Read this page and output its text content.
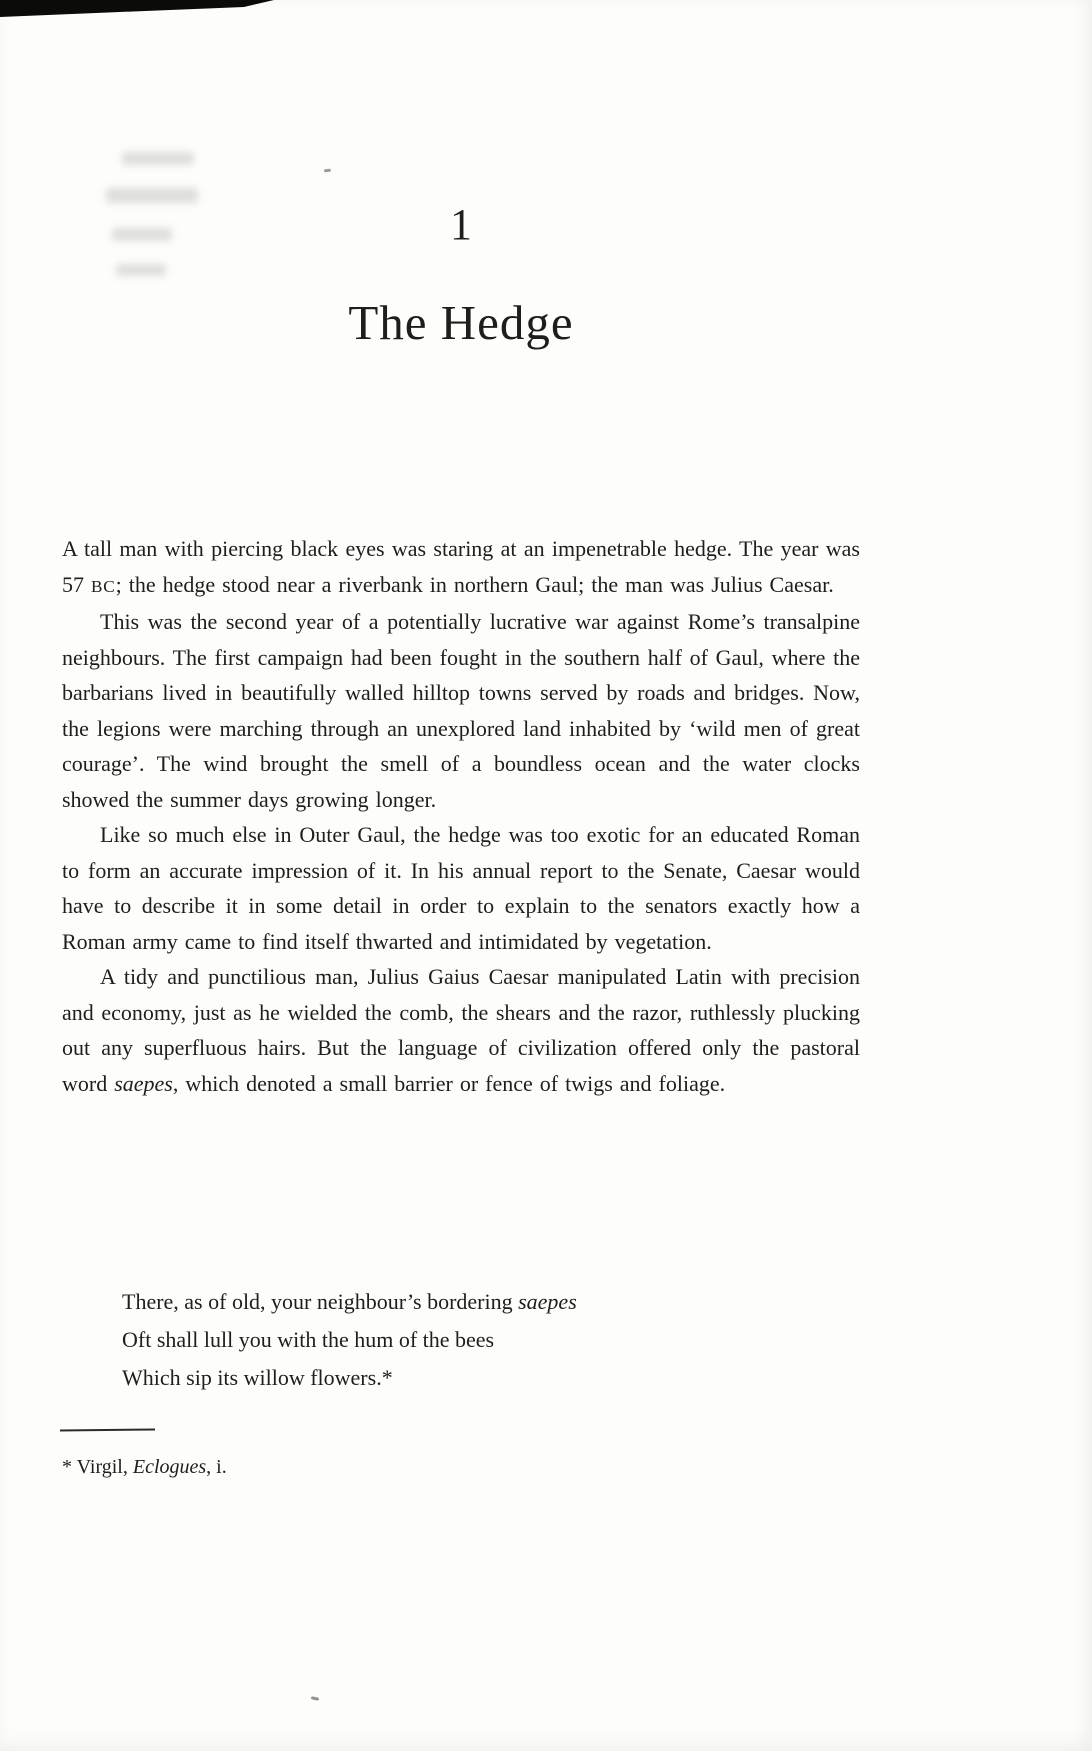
1
The Hedge

A tall man with piercing black eyes was staring at an impenetrable hedge. The year was 57 BC; the hedge stood near a riverbank in northern Gaul; the man was Julius Caesar.

This was the second year of a potentially lucrative war against Rome’s transalpine neighbours. The first campaign had been fought in the southern half of Gaul, where the barbarians lived in beautifully walled hilltop towns served by roads and bridges. Now, the legions were marching through an unexplored land inhabited by ‘wild men of great courage’. The wind brought the smell of a boundless ocean and the water clocks showed the summer days growing longer.

Like so much else in Outer Gaul, the hedge was too exotic for an educated Roman to form an accurate impression of it. In his annual report to the Senate, Caesar would have to describe it in some detail in order to explain to the senators exactly how a Roman army came to find itself thwarted and intimidated by vegetation.

A tidy and punctilious man, Julius Gaius Caesar manipulated Latin with precision and economy, just as he wielded the comb, the shears and the razor, ruthlessly plucking out any superfluous hairs. But the language of civilization offered only the pastoral word saepes, which denoted a small barrier or fence of twigs and foliage.

There, as of old, your neighbour’s bordering saepes

Oft shall lull you with the hum of the bees

Which sip its willow flowers.*

* Virgil, Eclogues, i.
